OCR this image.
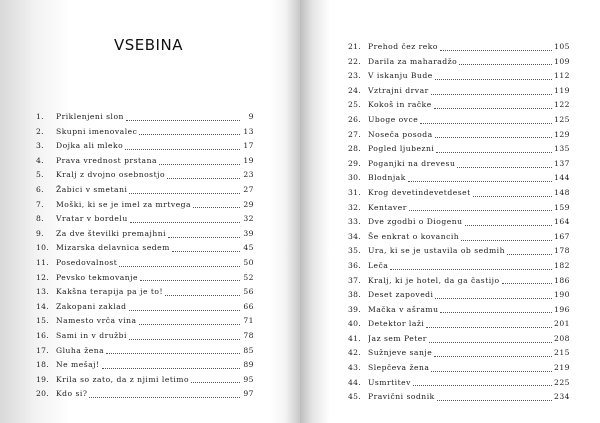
VSEBINA
1.	Priklenjeni slon	9
2.	Skupni imenovalec	13
3.	Dojka ali mleko	17
4.	Prava vrednost prstana	19
5.	Kralj z dvojno osebnostjo	23
6.	Žabici v smetani	27
7.	Moški, ki se je imel za mrtvega	29
8.	Vratar v bordelu	32
9.	Za dve številki premajhni	39
10. Mizarska delavnica sedem	45
11. Posedovalnost	50
12. Pevsko tekmovanje	52
13. Kakšna terapija pa je to!	56
14. Zakopani zaklad	66
15. Namesto vrča vina	71
16. Sami in v družbi	78
17. Gluha žena	85
18. Ne mešaj!	89
19. Krila so zato, da z njimi letimo	95
20. Kdo si?	97
21. Prehod čez reko	105
22. Darila za maharadžo	109
23. V iskanju Bude	112
24. Vztrajni drvar	119
25. Kokoš in račke	122
26. Uboge ovce	125
27. Noseča posoda	129
28. Pogled ljubezni	135
29. Poganjki na drevesu	137
30. Blodnjak	144
31. Krog devetindevetdeset	148
32. Kentaver	159
33. Dve zgodbi o Diogenu	164
34. Še enkrat o kovancih	167
35. Ura, ki se je ustavila ob sedmih	178
36. Leča	182
37. Kralj, ki je hotel, da ga častijo	186
38. Deset zapovedi	190
39. Mačka v ašramu	196
40. Detektor laži	201
41. Jaz sem Peter	208
42. Sužnjeve sanje	215
43. Slepčeva žena	219
44. Usmrtitev	225
45. Pravični sodnik	234
